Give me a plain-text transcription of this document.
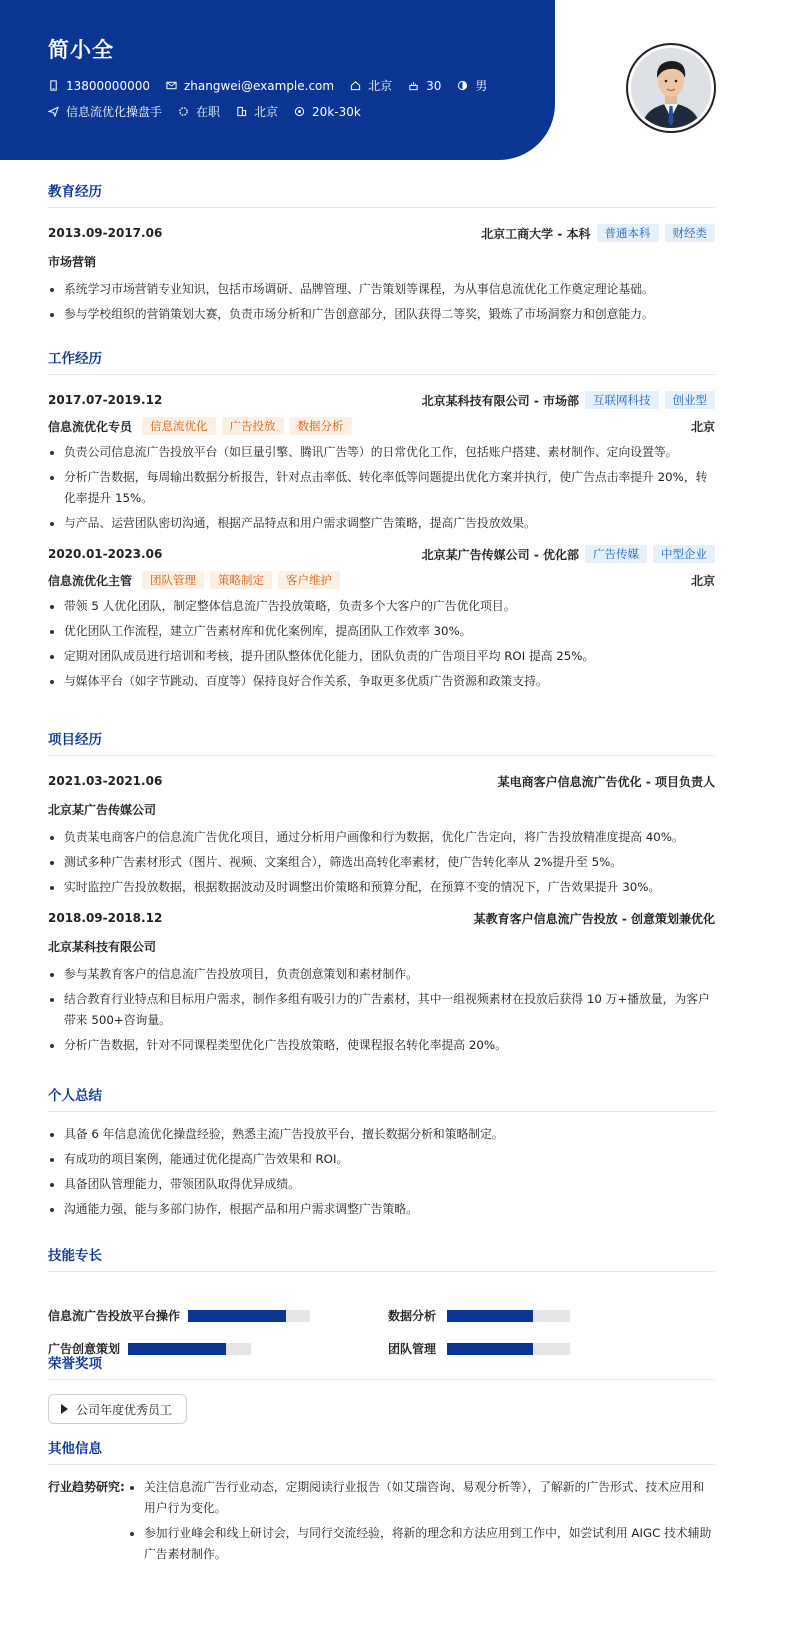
简小全
13800000000	zhangwei@example.com	北京	30	男
信息流优化操盘手	在职	北京	20k-30k
教育经历
2013.09-2017.06	北京工商大学 - 本科	普通本科	财经类
市场营销
系统学习市场营销专业知识，包括市场调研、品牌管理、广告策划等课程，为从事信息流优化工作奠定理论基础。
参与学校组织的营销策划大赛，负责市场分析和广告创意部分，团队获得二等奖，锻炼了市场洞察力和创意能力。
工作经历
2017.07-2019.12	北京某科技有限公司 - 市场部	互联网科技	创业型
信息流优化专员	信息流优化	广告投放	数据分析	北京
负责公司信息流广告投放平台（如巨量引擎、腾讯广告等）的日常优化工作，包括账户搭建、素材制作、定向设置等。
分析广告数据，每周输出数据分析报告，针对点击率低、转化率低等问题提出优化方案并执行，使广告点击率提升 20%，转化率提升 15%。
与产品、运营团队密切沟通，根据产品特点和用户需求调整广告策略，提高广告投放效果。
2020.01-2023.06	北京某广告传媒公司 - 优化部	广告传媒	中型企业
信息流优化主管	团队管理	策略制定	客户维护	北京
带领 5 人优化团队，制定整体信息流广告投放策略，负责多个大客户的广告优化项目。
优化团队工作流程，建立广告素材库和优化案例库，提高团队工作效率 30%。
定期对团队成员进行培训和考核，提升团队整体优化能力，团队负责的广告项目平均 ROI 提高 25%。
与媒体平台（如字节跳动、百度等）保持良好合作关系，争取更多优质广告资源和政策支持。
项目经历
2021.03-2021.06	某电商客户信息流广告优化 - 项目负责人
北京某广告传媒公司
负责某电商客户的信息流广告优化项目，通过分析用户画像和行为数据，优化广告定向，将广告投放精准度提高 40%。
测试多种广告素材形式（图片、视频、文案组合），筛选出高转化率素材，使广告转化率从 2%提升至 5%。
实时监控广告投放数据，根据数据波动及时调整出价策略和预算分配，在预算不变的情况下，广告效果提升 30%。
2018.09-2018.12	某教育客户信息流广告投放 - 创意策划兼优化
北京某科技有限公司
参与某教育客户的信息流广告投放项目，负责创意策划和素材制作。
结合教育行业特点和目标用户需求，制作多组有吸引力的广告素材，其中一组视频素材在投放后获得 10 万+播放量，为客户带来 500+咨询量。
分析广告数据，针对不同课程类型优化广告投放策略，使课程报名转化率提高 20%。
个人总结
具备 6 年信息流优化操盘经验，熟悉主流广告投放平台，擅长数据分析和策略制定。
有成功的项目案例，能通过优化提高广告效果和 ROI。
具备团队管理能力，带领团队取得优异成绩。
沟通能力强，能与多部门协作，根据产品和用户需求调整广告策略。
技能专长
信息流广告投放平台操作	数据分析
广告创意策划	团队管理
荣誉奖项
公司年度优秀员工
其他信息
行业趋势研究:	关注信息流广告行业动态，定期阅读行业报告（如艾瑞咨询、易观分析等），了解新的广告形式、技术应用和用户行为变化。
参加行业峰会和线上研讨会，与同行交流经验，将新的理念和方法应用到工作中，如尝试利用 AIGC 技术辅助广告素材制作。
